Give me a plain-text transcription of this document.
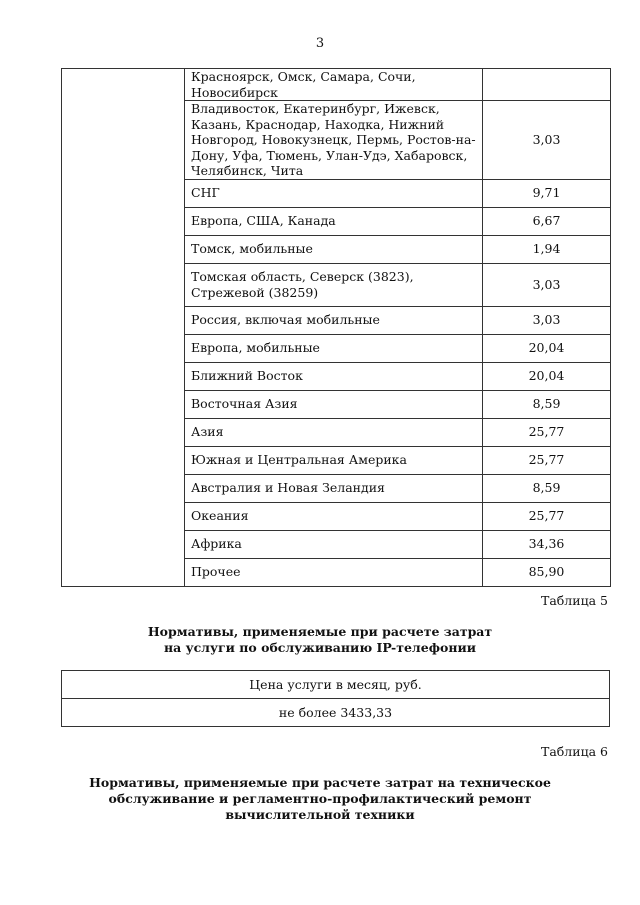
3
	Красноярск, Омск, Самара, Сочи, Новосибирск	
	Владивосток, Екатеринбург, Ижевск, Казань, Краснодар, Находка, Нижний Новгород, Новокузнецк, Пермь, Ростов-на-Дону, Уфа, Тюмень, Улан-Удэ, Хабаровск, Челябинск, Чита	3,03
	СНГ	9,71
	Европа, США, Канада	6,67
	Томск, мобильные	1,94
	Томская область, Северск (3823), Стрежевой (38259)	3,03
	Россия, включая мобильные	3,03
	Европа, мобильные	20,04
	Ближний Восток	20,04
	Восточная Азия	8,59
	Азия	25,77
	Южная и Центральная Америка	25,77
	Австралия и Новая Зеландия	8,59
	Океания	25,77
	Африка	34,36
	Прочее	85,90
Таблица 5
Нормативы, применяемые при расчете затрат
на услуги по обслуживанию IP-телефонии
Цена услуги в месяц, руб.
не более 3433,33
Таблица 6
Нормативы, применяемые при расчете затрат на техническое
обслуживание и регламентно-профилактический ремонт
вычислительной техники
